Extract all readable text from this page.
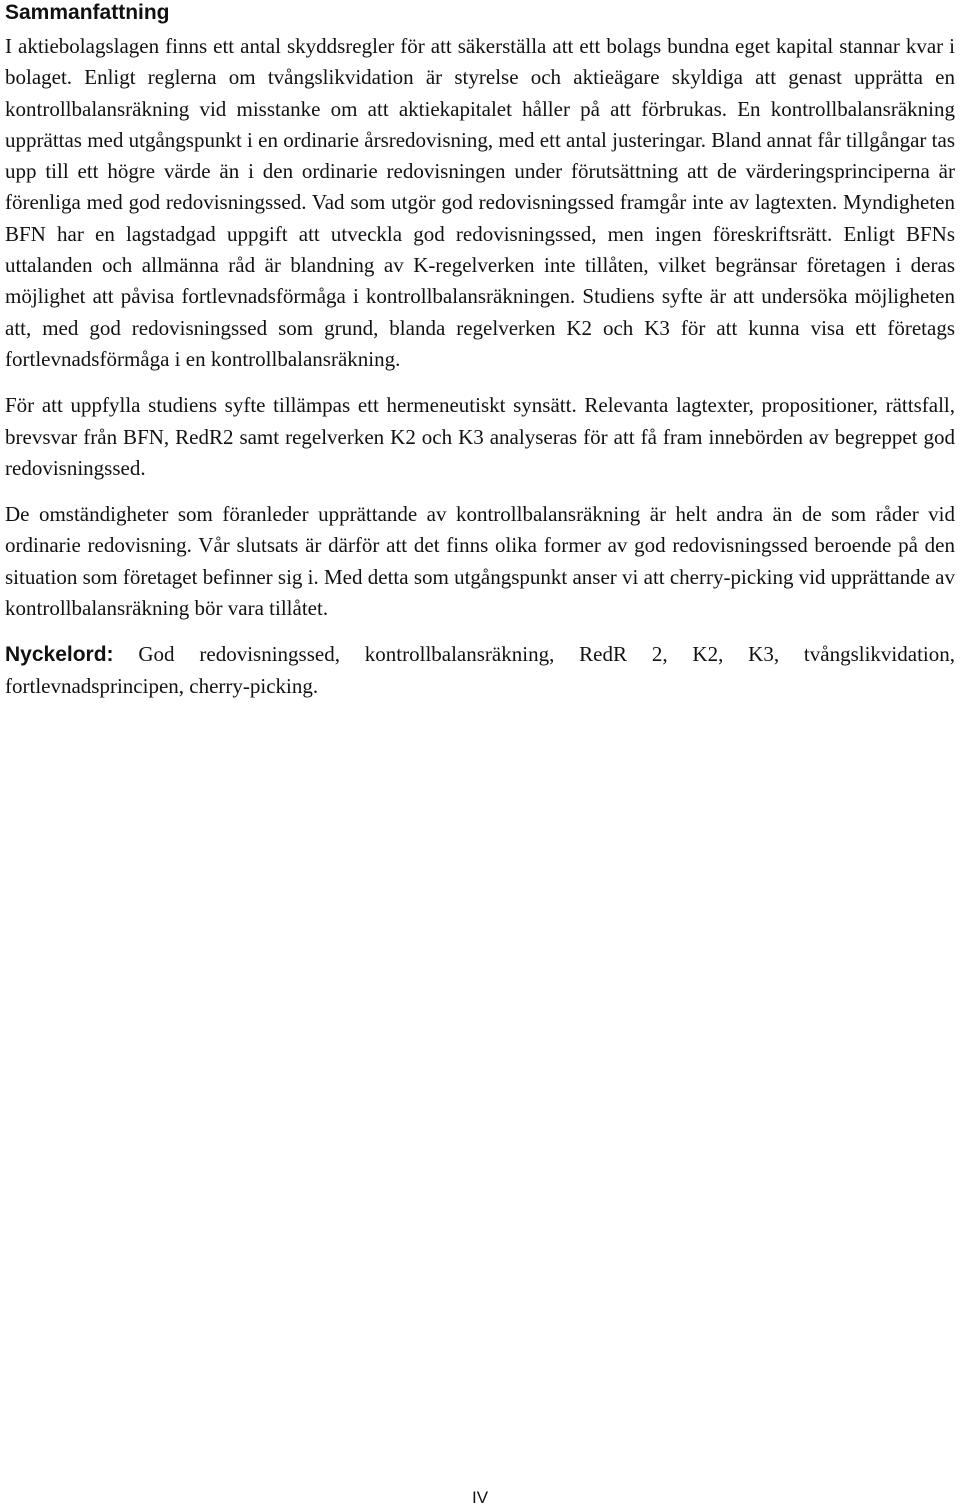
Sammanfattning

I aktiebolagslagen finns ett antal skyddsregler för att säkerställa att ett bolags bundna eget kapital stannar kvar i bolaget. Enligt reglerna om tvångslikvidation är styrelse och aktieägare skyldiga att genast upprätta en kontrollbalansräkning vid misstanke om att aktiekapitalet håller på att förbrukas. En kontrollbalansräkning upprättas med utgångspunkt i en ordinarie årsredovisning, med ett antal justeringar. Bland annat får tillgångar tas upp till ett högre värde än i den ordinarie redovisningen under förutsättning att de värderingsprinciperna är förenliga med god redovisningssed. Vad som utgör god redovisningssed framgår inte av lagtexten. Myndigheten BFN har en lagstadgad uppgift att utveckla god redovisningssed, men ingen föreskriftsrätt. Enligt BFNs uttalanden och allmänna råd är blandning av K-regelverken inte tillåten, vilket begränsar företagen i deras möjlighet att påvisa fortlevnadsförmåga i kontrollbalansräkningen. Studiens syfte är att undersöka möjligheten att, med god redovisningssed som grund, blanda regelverken K2 och K3 för att kunna visa ett företags fortlevnadsförmåga i en kontrollbalansräkning.

För att uppfylla studiens syfte tillämpas ett hermeneutiskt synsätt. Relevanta lagtexter, propositioner, rättsfall, brevsvar från BFN, RedR2 samt regelverken K2 och K3 analyseras för att få fram innebörden av begreppet god redovisningssed.

De omständigheter som föranleder upprättande av kontrollbalansräkning är helt andra än de som råder vid ordinarie redovisning. Vår slutsats är därför att det finns olika former av god redovisningssed beroende på den situation som företaget befinner sig i. Med detta som utgångspunkt anser vi att cherry-picking vid upprättande av kontrollbalansräkning bör vara tillåtet.

Nyckelord: God redovisningssed, kontrollbalansräkning, RedR 2, K2, K3, tvångslikvidation, fortlevnadsprincipen, cherry-picking.

IV
